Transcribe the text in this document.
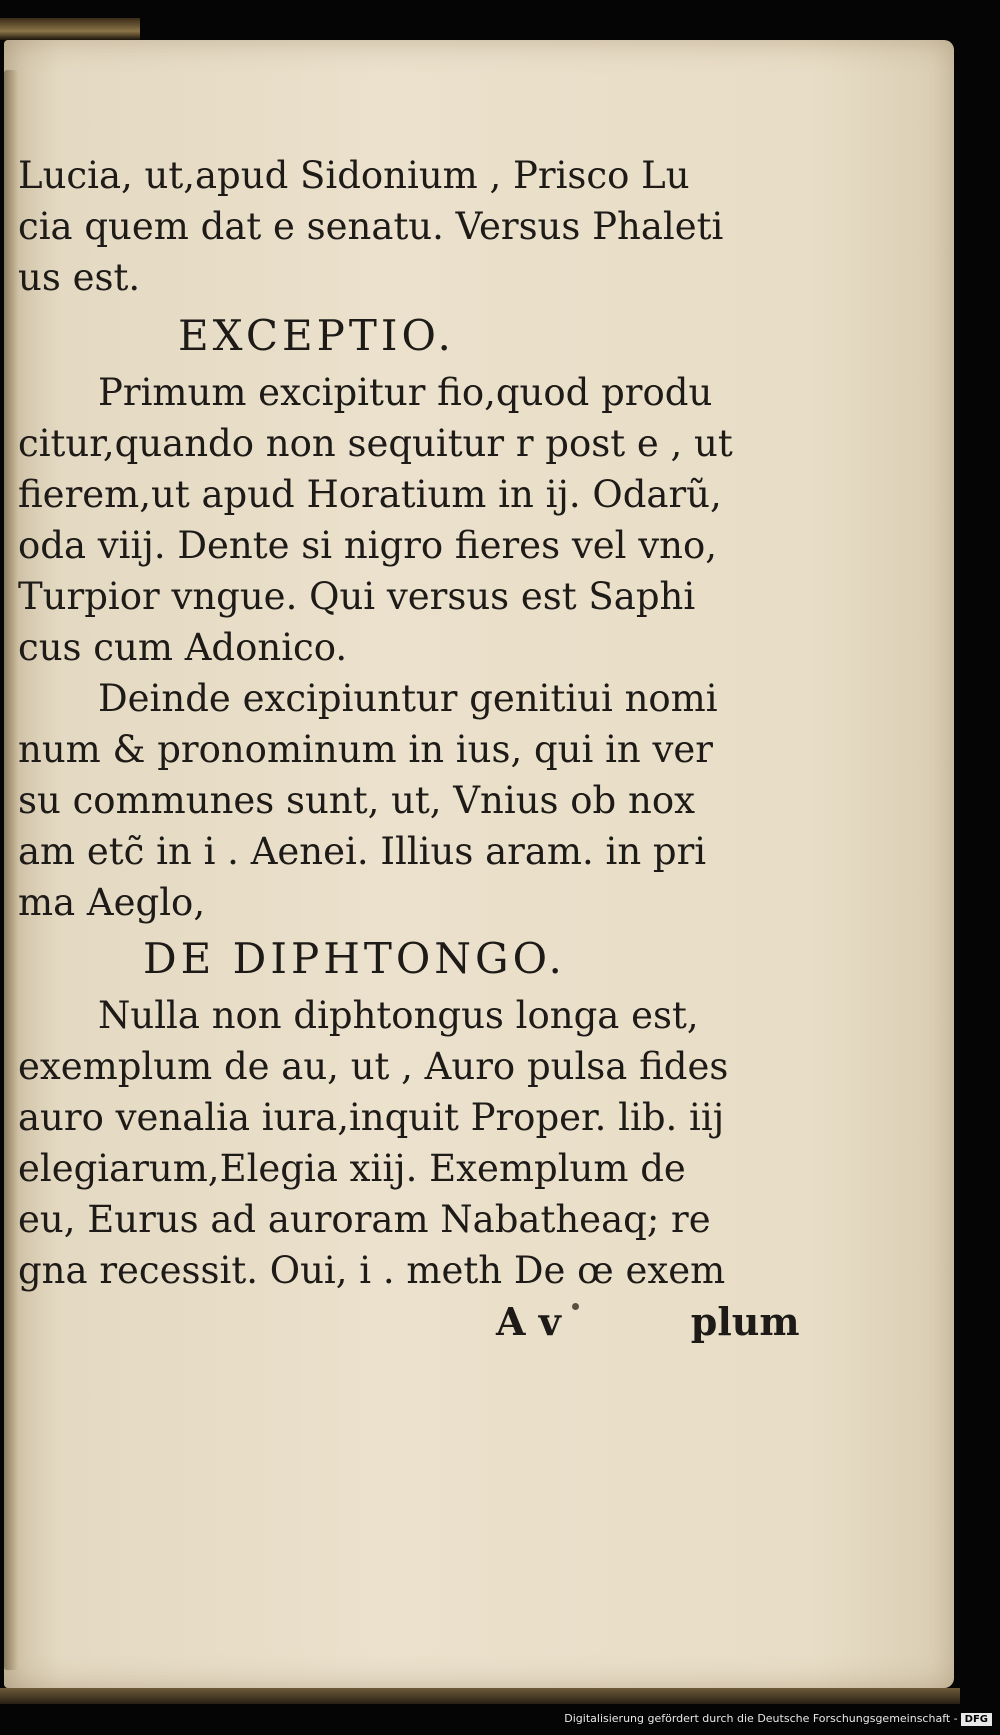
Lucia, ut,apud Sidonium , Prisco Lu
cia quem dat e senatu. Versus Phaleti
us est.
EXCEPTIO.
Primum excipitur fio,quod produ
citur,quando non sequitur r post e , ut
fierem,ut apud Horatium in ij. Odarũ,
oda viij. Dente si nigro fieres vel vno,
Turpior vngue. Qui versus est Saphi
cus cum Adonico.
Deinde excipiuntur genitiui nomi
num & pronominum in ius, qui in ver
su communes sunt, ut, Vnius ob nox
am etc̃ in i . Aenei. Illius aram. in pri
ma Aeglo,
DE DIPHTONGO.
Nulla non diphtongus longa est,
exemplum de au, ut , Auro pulsa fides
auro venalia iura,inquit Proper. lib. iij
elegiarum,Elegia xiij. Exemplum de
eu, Eurus ad auroram Nabatheaq; re
gna recessit. Oui, i . meth De œ exem
A v	plum
Digitalisierung gefördert durch die Deutsche Forschungsgemeinschaft - DFG
